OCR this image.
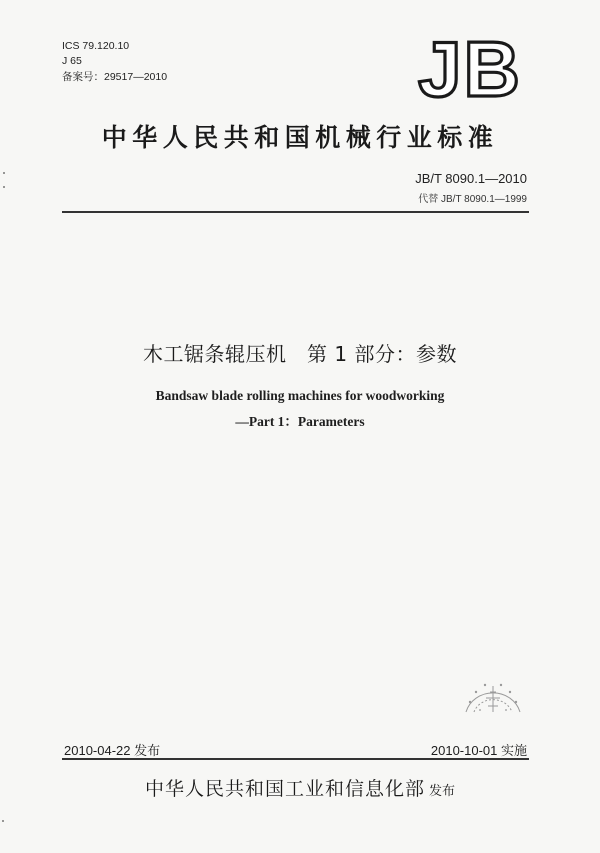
ICS 79.120.10
J 65
备案号：29517—2010	JB
中华人民共和国机械行业标准
JB/T 8090.1—2010
代替 JB/T 8090.1—1999
木工锯条辊压机　第 1 部分：参数
Bandsaw blade rolling machines for woodworking
—Part 1：Parameters
2010-04-22 发布	2010-10-01 实施
中华人民共和国工业和信息化部 发布
